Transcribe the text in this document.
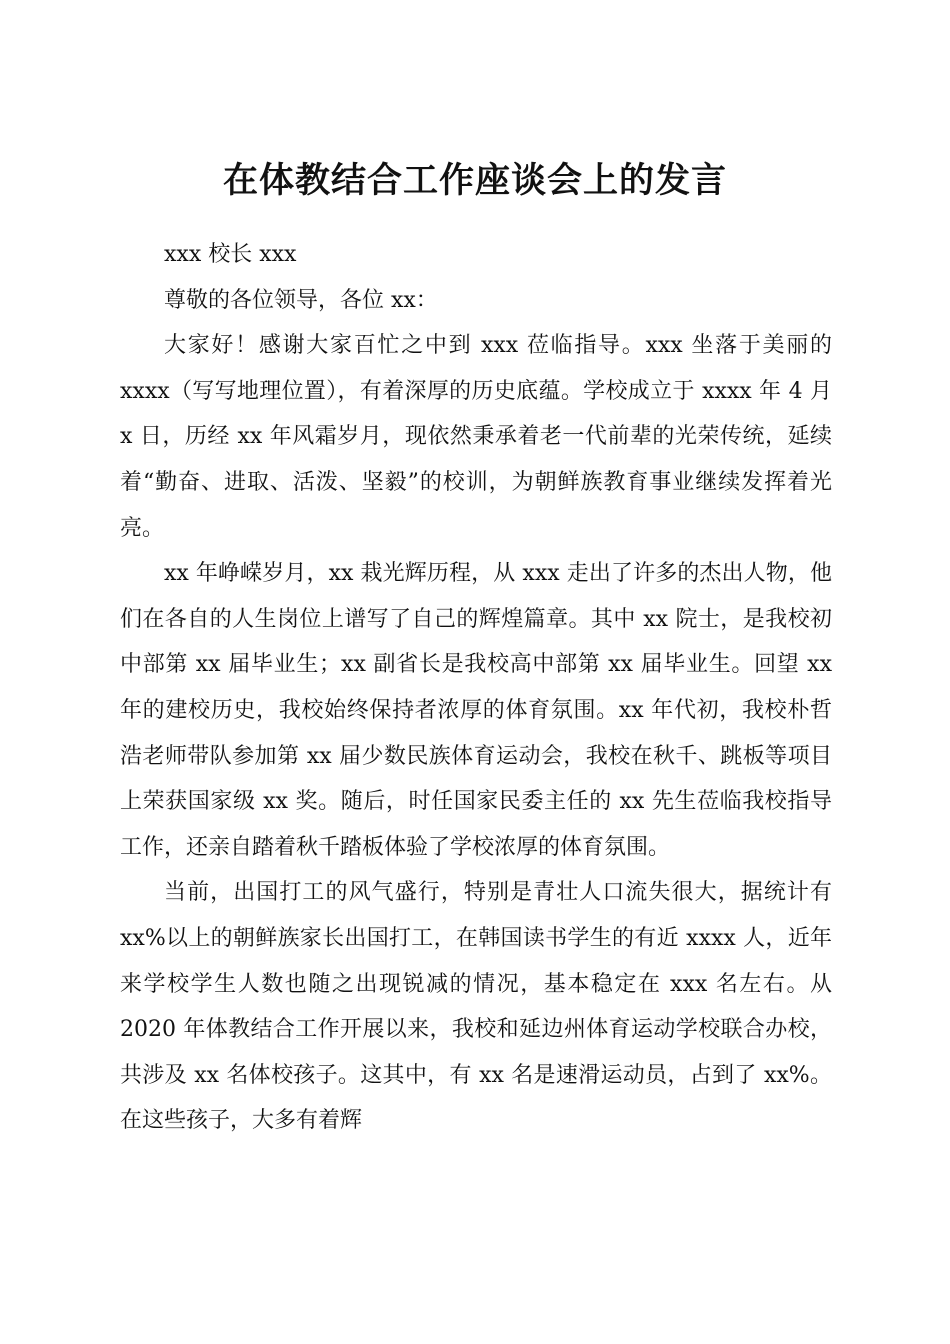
在体教结合工作座谈会上的发言

xxx 校长 xxx

尊敬的各位领导，各位 xx：

大家好！感谢大家百忙之中到 xxx 莅临指导。xxx 坐落于美丽的 xxxx（写写地理位置），有着深厚的历史底蕴。学校成立于 xxxx 年 4 月 x 日，历经 xx 年风霜岁月，现依然秉承着老一代前辈的光荣传统，延续着“勤奋、进取、活泼、坚毅”的校训，为朝鲜族教育事业继续发挥着光亮。

xx 年峥嵘岁月，xx 栽光辉历程，从 xxx 走出了许多的杰出人物，他们在各自的人生岗位上谱写了自己的辉煌篇章。其中 xx 院士，是我校初中部第 xx 届毕业生；xx 副省长是我校高中部第 xx 届毕业生。回望 xx 年的建校历史，我校始终保持者浓厚的体育氛围。xx 年代初，我校朴哲浩老师带队参加第 xx 届少数民族体育运动会，我校在秋千、跳板等项目上荣获国家级 xx 奖。随后，时任国家民委主任的 xx 先生莅临我校指导工作，还亲自踏着秋千踏板体验了学校浓厚的体育氛围。

当前，出国打工的风气盛行，特别是青壮人口流失很大，据统计有 xx%以上的朝鲜族家长出国打工，在韩国读书学生的有近 xxxx 人，近年来学校学生人数也随之出现锐减的情况，基本稳定在 xxx 名左右。从 2020 年体教结合工作开展以来，我校和延边州体育运动学校联合办校，共涉及 xx 名体校孩子。这其中，有 xx 名是速滑运动员，占到了 xx%。在这些孩子，大多有着辉
